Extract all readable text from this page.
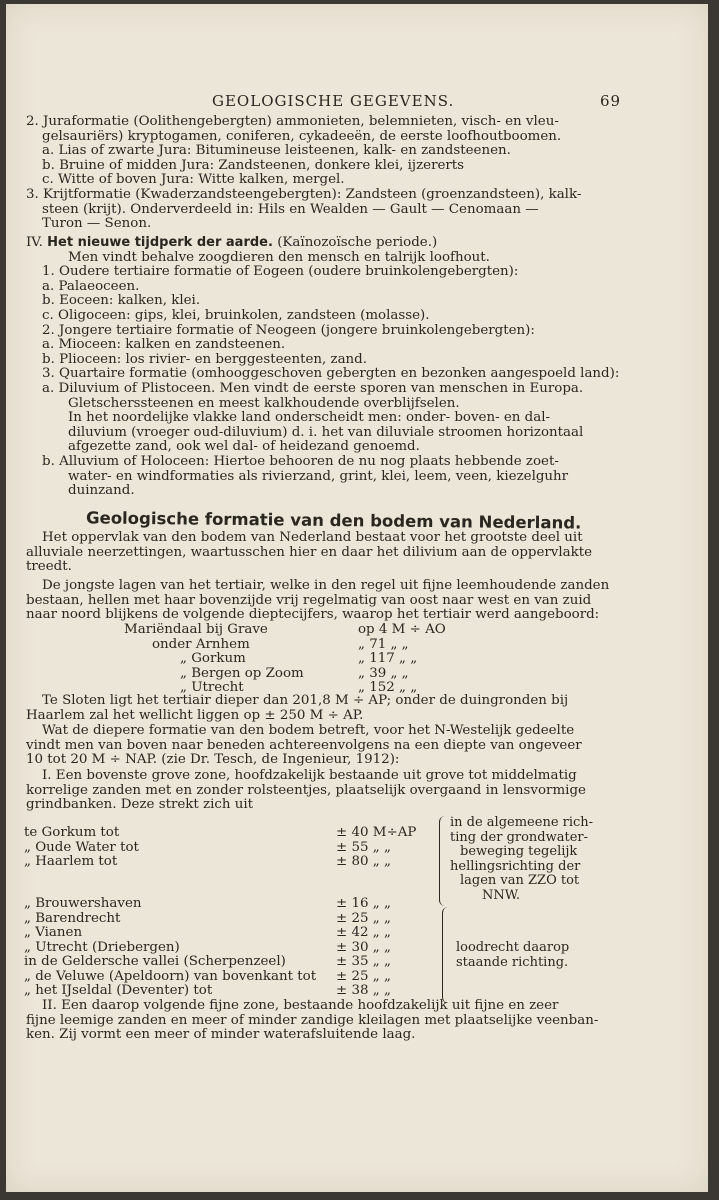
GEOLOGISCHE GEGEVENS.	69
2. Juraformatie (Oolithengebergten) ammonieten, belemnieten, visch- en vleu-
gelsauriërs) kryptogamen, coniferen, cykadeeën, de eerste loofhoutboomen.
a. Lias of zwarte Jura: Bitumineuse leisteenen, kalk- en zandsteenen.
b. Bruine of midden Jura: Zandsteenen, donkere klei, ijzererts
c. Witte of boven Jura: Witte kalken, mergel.
3. Krijtformatie (Kwaderzandsteengebergten): Zandsteen (groenzandsteen), kalk-
steen (krijt). Onderverdeeld in: Hils en Wealden — Gault — Cenomaan —
Turon — Senon.
IV. Het nieuwe tijdperk der aarde. (Kaïnozoïsche periode.)
Men vindt behalve zoogdieren den mensch en talrijk loofhout.
1. Oudere tertiaire formatie of Eogeen (oudere bruinkolengebergten):
a. Palaeoceen.
b. Eoceen: kalken, klei.
c. Oligoceen: gips, klei, bruinkolen, zandsteen (molasse).
2. Jongere tertiaire formatie of Neogeen (jongere bruinkolengebergten):
a. Mioceen: kalken en zandsteenen.
b. Plioceen: los rivier- en berggesteenten, zand.
3. Quartaire formatie (omhooggeschoven gebergten en bezonken aangespoeld land):
a. Diluvium of Plistoceen. Men vindt de eerste sporen van menschen in Europa.
Gletscherssteenen en meest kalkhoudende overblijfselen.
In het noordelijke vlakke land onderscheidt men: onder- boven- en dal-
diluvium (vroeger oud-diluvium) d. i. het van diluviale stroomen horizontaal
afgezette zand, ook wel dal- of heidezand genoemd.
b. Alluvium of Holoceen: Hiertoe behooren de nu nog plaats hebbende zoet-
water- en windformaties als rivierzand, grint, klei, leem, veen, kiezelguhr
duinzand.
Geologische formatie van den bodem van Nederland.
Het oppervlak van den bodem van Nederland bestaat voor het grootste deel uit
alluviale neerzettingen, waartusschen hier en daar het dilivium aan de oppervlakte
treedt.
De jongste lagen van het tertiair, welke in den regel uit fijne leemhoudende zanden
bestaan, hellen met haar bovenzijde vrij regelmatig van oost naar west en van zuid
naar noord blijkens de volgende dieptecijfers, waarop het tertiair werd aangeboord:
Mariëndaal bij Grave	op 4 M ÷ AO
onder Arnhem	„ 71 „ „
„ Gorkum	„ 117 „ „
„ Bergen op Zoom	„ 39 „ „
„ Utrecht	„ 152 „ „
Te Sloten ligt het tertiair dieper dan 201,8 M ÷ AP; onder de duingronden bij
Haarlem zal het wellicht liggen op ± 250 M ÷ AP.
Wat de diepere formatie van den bodem betreft, voor het N-Westelijk gedeelte
vindt men van boven naar beneden achtereenvolgens na een diepte van ongeveer
10 tot 20 M ÷ NAP. (zie Dr. Tesch, de Ingenieur, 1912):
I. Een bovenste grove zone, hoofdzakelijk bestaande uit grove tot middelmatig
korrelige zanden met en zonder rolsteentjes, plaatselijk overgaand in lensvormige
grindbanken. Deze strekt zich uit
te Gorkum tot	± 40 M÷AP
„ Oude Water tot	± 55 „ „
„ Haarlem tot	± 80 „ „
in de algemeene rich-
ting der grondwater-
beweging tegelijk
hellingsrichting der
lagen van ZZO tot
NNW.
„ Brouwershaven	± 16 „ „
„ Barendrecht	± 25 „ „
„ Vianen	± 42 „ „
„ Utrecht (Driebergen)	± 30 „ „
in de Geldersche vallei (Scherpenzeel)	± 35 „ „
„ de Veluwe (Apeldoorn) van bovenkant tot ± 25 „ „
„ het IJseldal (Deventer) tot	± 38 „ „
loodrecht daarop
staande richting.
II. Een daarop volgende fijne zone, bestaande hoofdzakelijk uit fijne en zeer
fijne leemige zanden en meer of minder zandige kleilagen met plaatselijke veenban-
ken. Zij vormt een meer of minder waterafsluitende laag.
